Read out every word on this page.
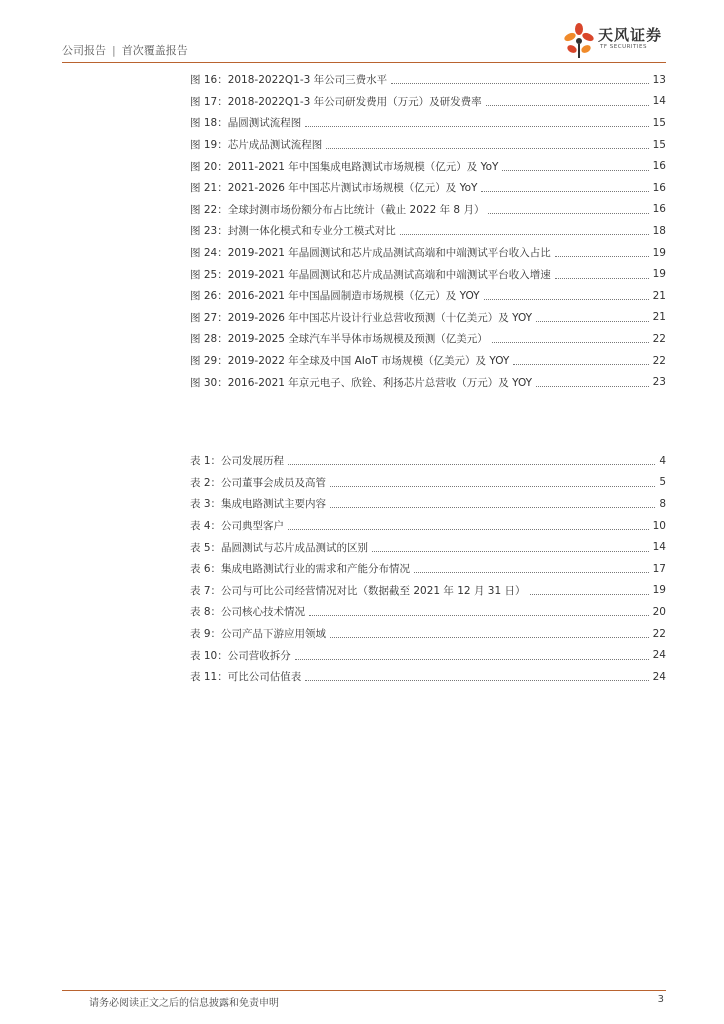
公司报告 | 首次覆盖报告
天风证券
TF SECURITIES
图 16：2018-2022Q1-3 年公司三费水平	13
图 17：2018-2022Q1-3 年公司研发费用（万元）及研发费率	14
图 18：晶圆测试流程图	15
图 19：芯片成品测试流程图	15
图 20：2011-2021 年中国集成电路测试市场规模（亿元）及 YoY	16
图 21：2021-2026 年中国芯片测试市场规模（亿元）及 YoY	16
图 22：全球封测市场份额分布占比统计（截止 2022 年 8 月）	16
图 23：封测一体化模式和专业分工模式对比	18
图 24：2019-2021 年晶圆测试和芯片成品测试高端和中端测试平台收入占比	19
图 25：2019-2021 年晶圆测试和芯片成品测试高端和中端测试平台收入增速	19
图 26：2016-2021 年中国晶圆制造市场规模（亿元）及 YOY	21
图 27：2019-2026 年中国芯片设计行业总营收预测（十亿美元）及 YOY	21
图 28：2019-2025 全球汽车半导体市场规模及预测（亿美元）	22
图 29：2019-2022 年全球及中国 AIoT 市场规模（亿美元）及 YOY	22
图 30：2016-2021 年京元电子、欣铨、利扬芯片总营收（万元）及 YOY	23
表 1：公司发展历程	4
表 2：公司董事会成员及高管	5
表 3：集成电路测试主要内容	8
表 4：公司典型客户	10
表 5：晶圆测试与芯片成品测试的区别	14
表 6：集成电路测试行业的需求和产能分布情况	17
表 7：公司与可比公司经营情况对比（数据截至 2021 年 12 月 31 日）	19
表 8：公司核心技术情况	20
表 9：公司产品下游应用领域	22
表 10：公司营收拆分	24
表 11：可比公司估值表	24
请务必阅读正文之后的信息披露和免责申明	3
